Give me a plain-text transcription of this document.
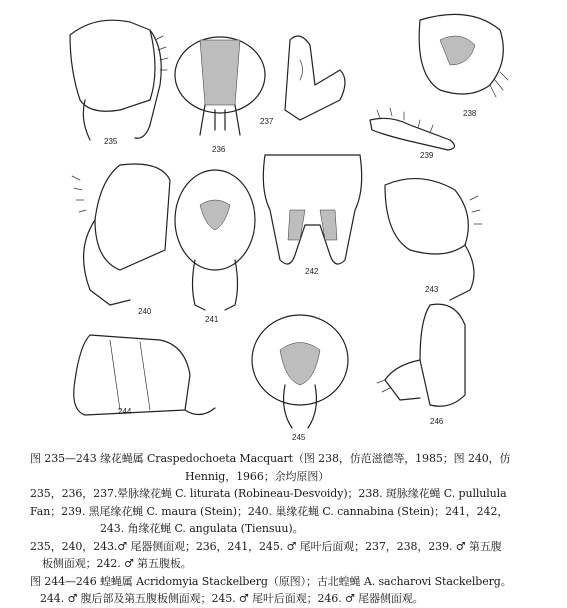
235
236
237
238
239
240
241
242
243
244
245
246

图 235—243 缘花蝇属 Craspedochoeta Macquart（图 238，仿范滋德等，1985；图 240，仿

Hennig，1966；余均原图）

235，236，237.晕脉缘花蝇 C. liturata (Robineau-Desvoidy)；238. 斑脉缘花蝇 C. pullulula

Fan；239. 黑尾缘花蝇 C. maura (Stein)；240. 巢缘花蝇 C. cannabina (Stein)；241，242，

243. 角缘花蝇 C. angulata (Tiensuu)。

235，240，243.♂ 尾器侧面观；236，241，245. ♂ 尾叶后面观；237，238，239. ♂ 第五腹

板侧面观；242. ♂ 第五腹板。

图 244—246 蝗蝇属 Acridomyia Stackelberg（原图）；古北蝗蝇 A. sacharovi Stackelberg。

244. ♂ 腹后部及第五腹板侧面观；245. ♂ 尾叶后面观；246. ♂ 尾器侧面观。
